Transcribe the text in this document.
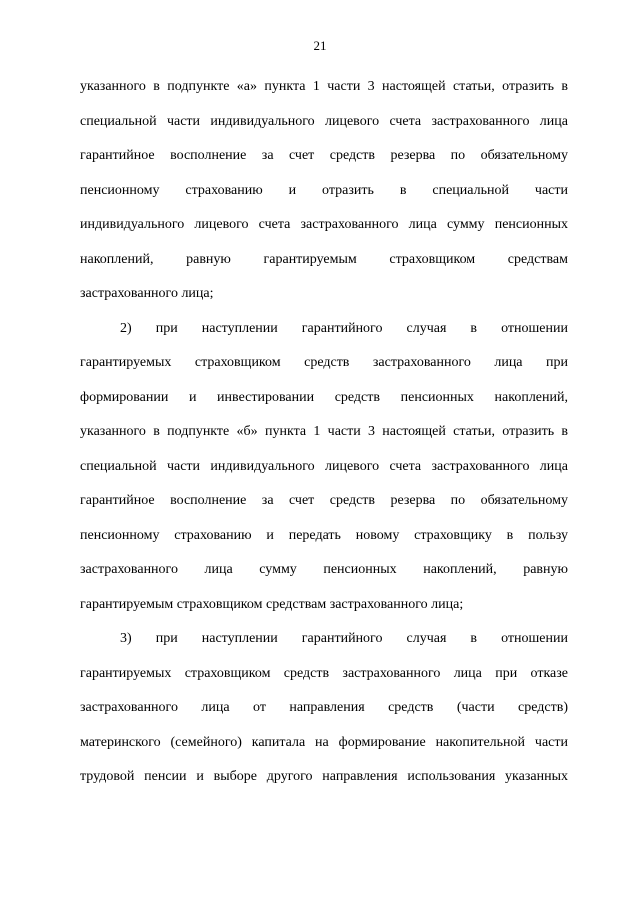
21
указанного в подпункте «а» пункта 1 части 3 настоящей статьи, отразить в
специальной части индивидуального лицевого счета застрахованного лица
гарантийное восполнение за счет средств резерва по обязательному
пенсионному страхованию и отразить в специальной части
индивидуального лицевого счета застрахованного лица сумму пенсионных
накоплений, равную гарантируемым страховщиком средствам
застрахованного лица;
2) при наступлении гарантийного случая в отношении
гарантируемых страховщиком средств застрахованного лица при
формировании и инвестировании средств пенсионных накоплений,
указанного в подпункте «б» пункта 1 части 3 настоящей статьи, отразить в
специальной части индивидуального лицевого счета застрахованного лица
гарантийное восполнение за счет средств резерва по обязательному
пенсионному страхованию и передать новому страховщику в пользу
застрахованного лица сумму пенсионных накоплений, равную
гарантируемым страховщиком средствам застрахованного лица;
3) при наступлении гарантийного случая в отношении
гарантируемых страховщиком средств застрахованного лица при отказе
застрахованного лица от направления средств (части средств)
материнского (семейного) капитала на формирование накопительной части
трудовой пенсии и выборе другого направления использования указанных
